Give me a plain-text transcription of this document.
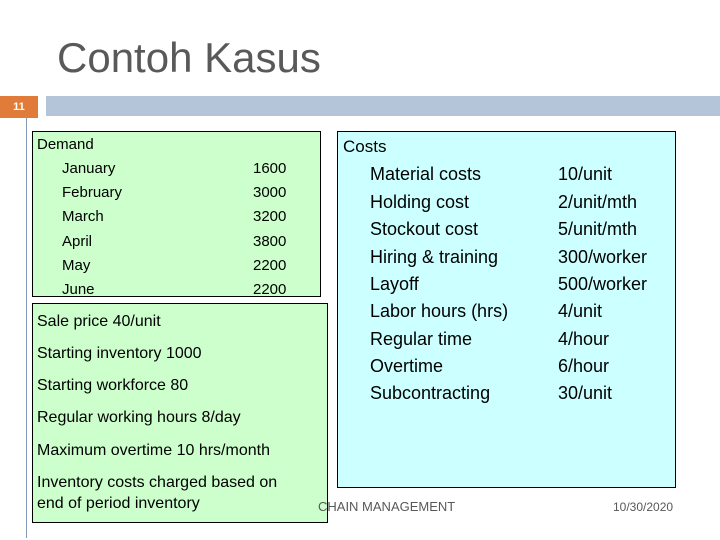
Contoh Kasus
11
Demand
January	1600
February	3000
March	3200
April	3800
May	2200
June	2200
Sale price 40/unit
Starting inventory 1000
Starting workforce 80
Regular working hours 8/day
Maximum overtime 10 hrs/month
Inventory costs charged based on
end of period inventory
Costs
Material costs	10/unit
Holding cost	2/unit/mth
Stockout cost	5/unit/mth
Hiring & training	300/worker
Layoff	500/worker
Labor hours (hrs)	4/unit
Regular time	4/hour
Overtime	6/hour
Subcontracting	30/unit
CHAIN MANAGEMENT	10/30/2020
